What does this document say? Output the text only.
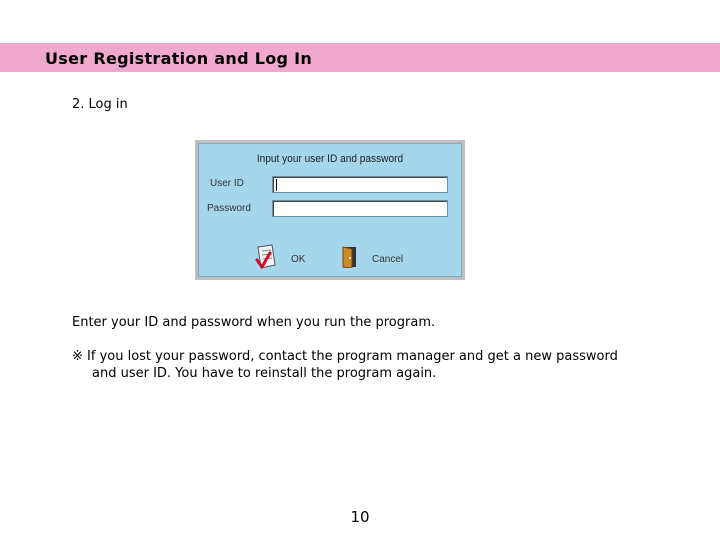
User Registration and Log In
2. Log in
Input your user ID and password
User ID
Password
OK	Cancel
Enter your ID and password when you run the program.
※ If you lost your password, contact the program manager and get a new password
and user ID. You have to reinstall the program again.
10
